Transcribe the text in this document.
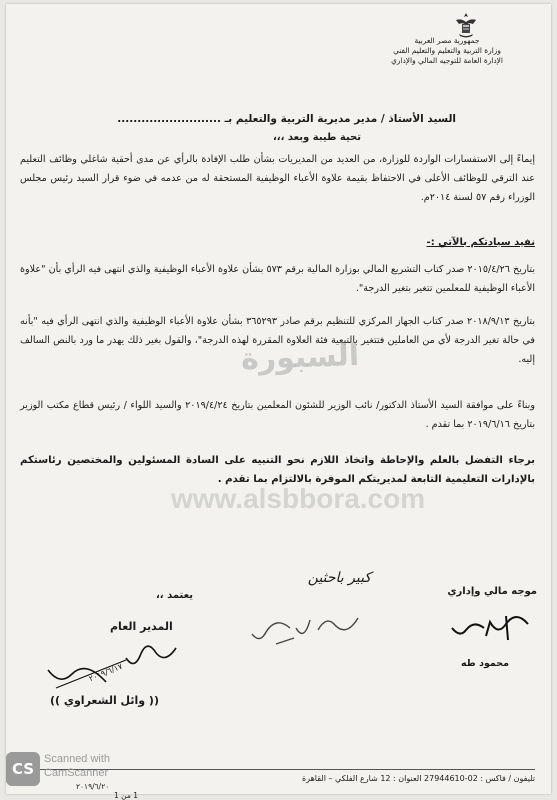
جمهورية مصر العربية
وزارة التربية والتعليم والتعليم الفني
الإدارة العامة للتوجيه المالي والإداري
السيد الأستاذ / مدير مديرية التربية والتعليم بـ ..........................
تحية طيبة وبعد ،،،
إيماءً إلى الاستفسارات الواردة للوزارة، من العديد من المديريات بشأن طلب الإفادة بالرأي عن مدى أحقية شاغلي وظائف التعليم عند الترقي للوظائف الأعلى في الاحتفاظ بقيمة علاوة الأعباء الوظيفية المستحقة له من عدمه في ضوء قرار السيد رئيس مجلس الوزراء رقم ٥٧ لسنة ٢٠١٤م.
نفيد سيادتكم بالآتي :-
بتاريخ ٢٠١٥/٤/٢٦ صدر كتاب التشريع المالي بوزارة المالية برقم ٥٧٣ بشأن علاوة الأعباء الوظيفية والذي انتهى فيه الرأي بأن "علاوة الأعباء الوظيفية للمعلمين تتغير بتغير الدرجة".
بتاريخ ٢٠١٨/٩/١٣ صدر كتاب الجهاز المركزي للتنظيم برقم صادر ٣٦٥٢٩٣ بشأن علاوة الأعباء الوظيفية والذي انتهى الرأي فيه "بأنه في حالة تغير الدرجة لأي من العاملين فتتغير بالتبعية فئة العلاوة المقررة لهذه الدرجة"، والقول بغير ذلك يهدر ما ورد بالنص السالف إليه.
وبناءً على موافقة السيد الأستاذ الدكتور/ نائب الوزير للشئون المعلمين بتاريخ ٢٠١٩/٤/٢٤ والسيد اللواء / رئيس قطاع مكتب الوزير بتاريخ ٢٠١٩/٦/١٦ بما تقدم .
برجاء التفضل بالعلم والإحاطة واتخاذ اللازم نحو التنبيه على السادة المسئولين والمختصين رئاستكم بالإدارات التعليمية التابعة لمديريتكم الموفرة بالالتزام بما تقدم .
السبورة
www.alsbbora.com
موجه مالي وإداري
محمود طه
كبير باحثين
يعتمد ،،
المدير العام
٢٠١٩/٦/١٧
(( وائل الشعراوي ))
تليفون / فاكس : 02-27944610 العنوان : 12 شارع الفلكي – القاهرة
1 من 1
٢٠١٩/٦/٢٠
CS
Scanned with
CamScanner
